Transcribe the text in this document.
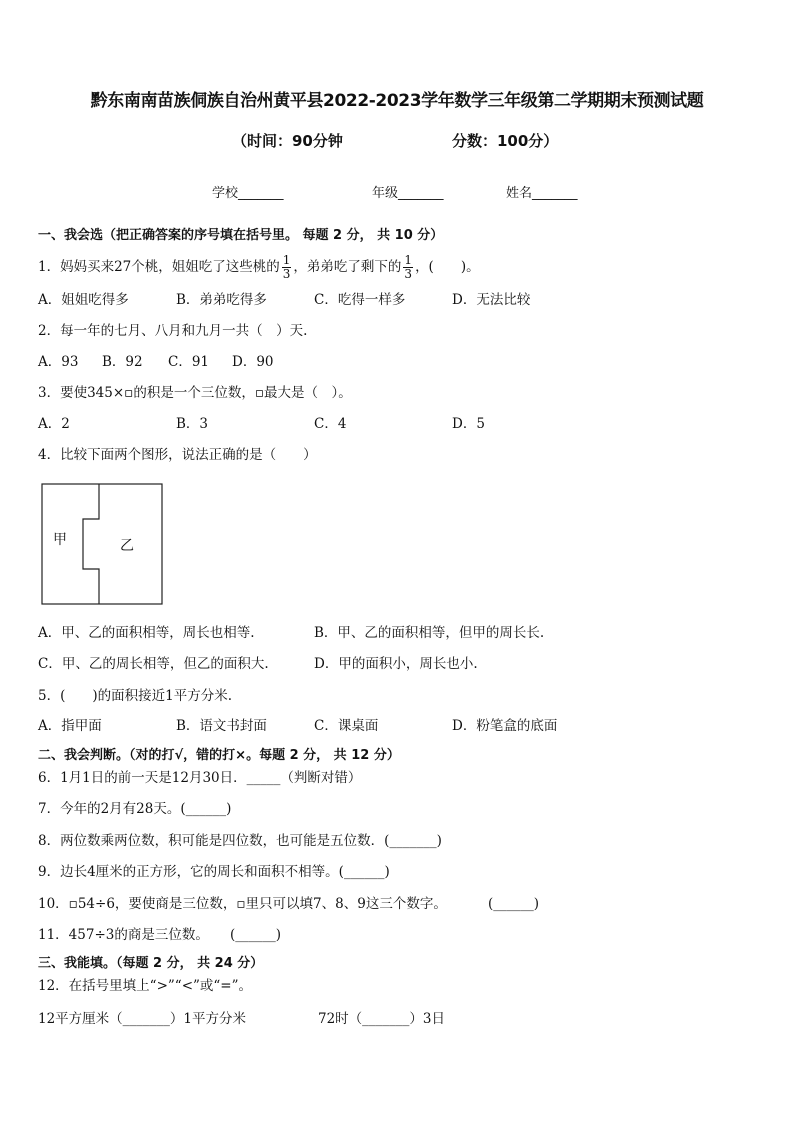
黔东南南苗族侗族自治州黄平县2022-2023学年数学三年级第二学期期末预测试题
（时间：90分钟	分数：100分）
学校_______	年级_______	姓名_______
一、我会选（把正确答案的序号填在括号里。 每题 2 分， 共 10 分）
1．妈妈买来27个桃，姐姐吃了这些桃的 $\frac{1}{3}$ ，弟弟吃了剩下的 $\frac{1}{3}$ ，(　　)。
A．姐姐吃得多	B．弟弟吃得多	C．吃得一样多	D．无法比较
2．每一年的七月、八月和九月一共（　）天.
A．93 B．92 C．91 D．90
3．要使345×▫的积是一个三位数，▫最大是（　）。
A．2	B．3	C．4	D．5
4．比较下面两个图形，说法正确的是（　　）
甲	乙
A．甲、乙的面积相等，周长也相等.	B．甲、乙的面积相等，但甲的周长长.
C．甲、乙的周长相等，但乙的面积大.	D．甲的面积小，周长也小.
5．(　　)的面积接近1平方分米.
A．指甲面	B．语文书封面	C．课桌面	D．粉笔盒的底面
二、我会判断。（对的打√，错的打×。每题 2 分， 共 12 分）
6．1月1日的前一天是12月30日．_____（判断对错）
7．今年的2月有28天。(______)
8．两位数乘两位数，积可能是四位数，也可能是五位数．(_______)
9．边长4厘米的正方形，它的周长和面积不相等。(______)
10．▫54÷6，要使商是三位数，▫里只可以填7、8、9这三个数字。	(______)
11．457÷3的商是三位数。 (______)
三、我能填。（每题 2 分， 共 24 分）
12．在括号里填上“>”“<”或“=”。
12平方厘米（_______）1平方分米	72时（_______）3日
